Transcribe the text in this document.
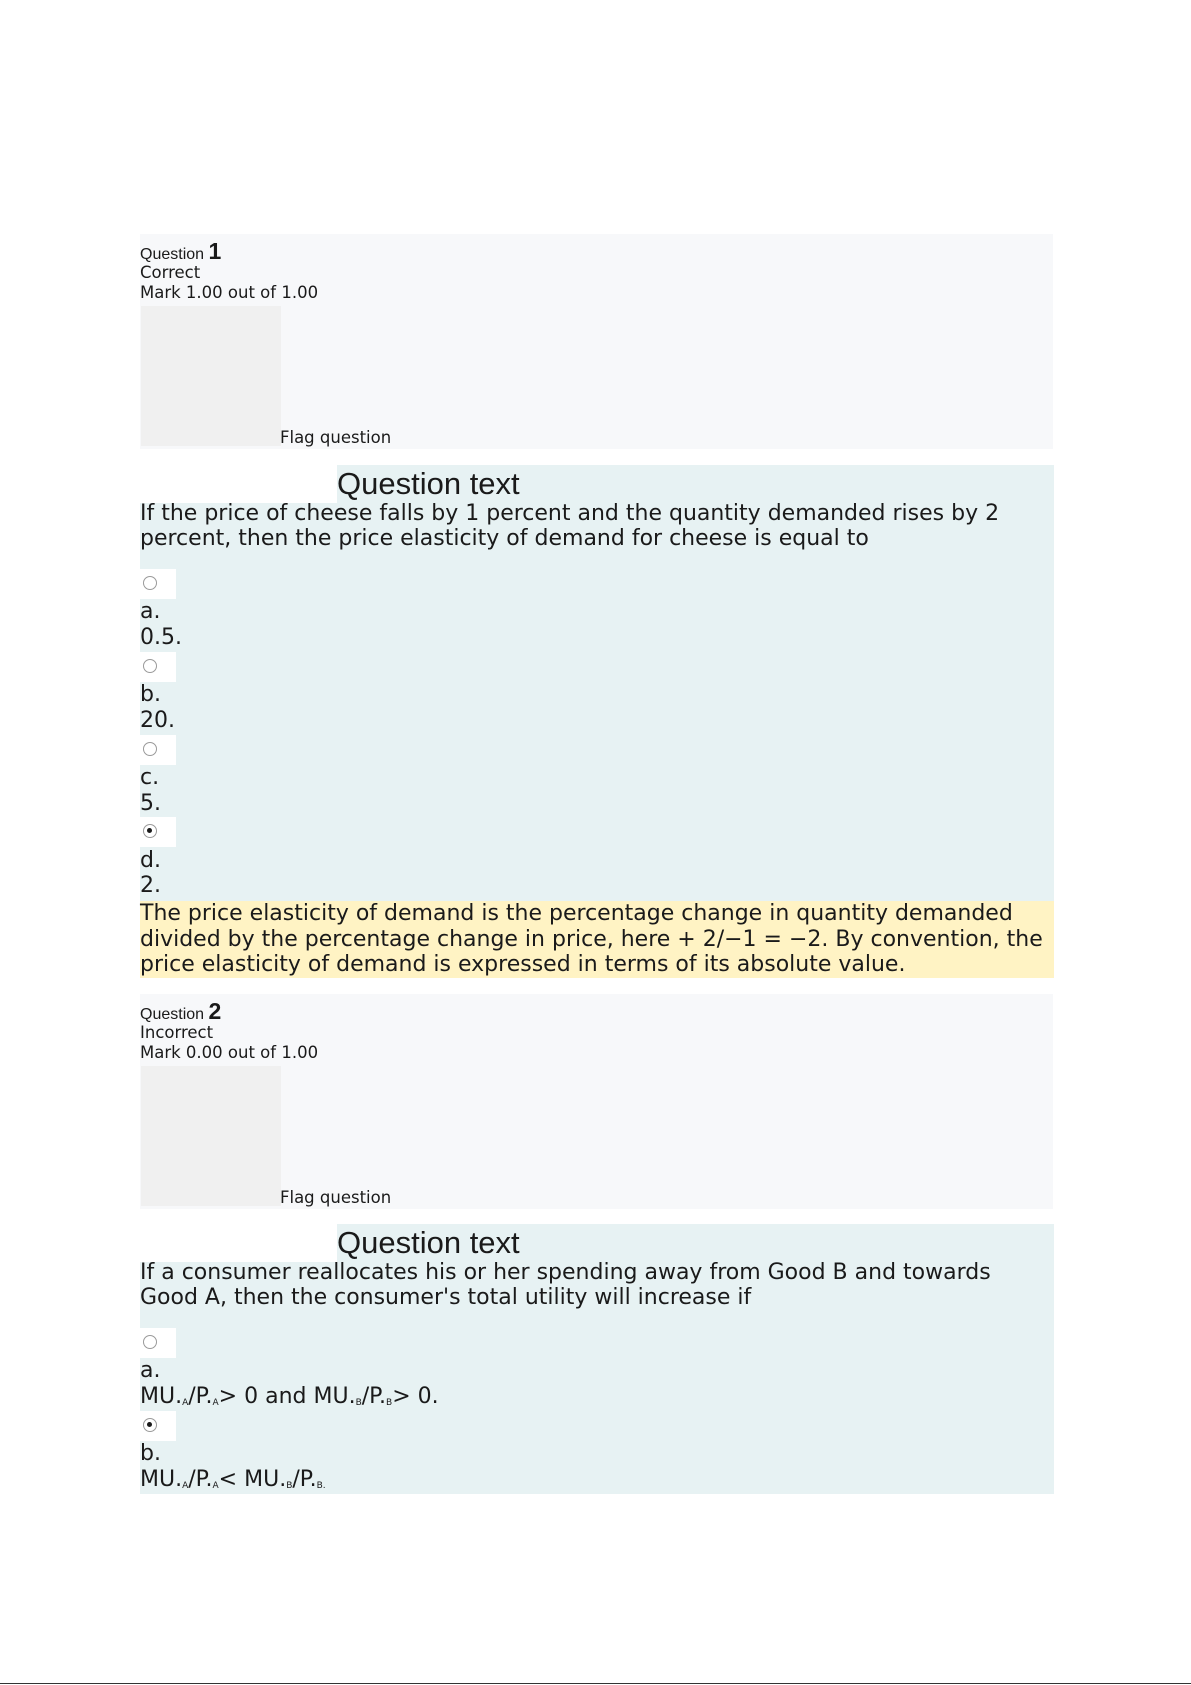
Question 1
Correct
Mark 1.00 out of 1.00
Flag question
Question text
If the price of cheese falls by 1 percent and the quantity demanded rises by 2 percent, then the price elasticity of demand for cheese is equal to
a.
0.5.
b.
20.
c.
5.
d.
2.
The price elasticity of demand is the percentage change in quantity demanded divided by the percentage change in price, here + 2/−1 = −2. By convention, the price elasticity of demand is expressed in terms of its absolute value.
Question 2
Incorrect
Mark 0.00 out of 1.00
Flag question
Question text
If a consumer reallocates his or her spending away from Good B and towards Good A, then the consumer's total utility will increase if
a.
$MU._A/P._A> 0$ and $MU._B/P._B> 0$.
b.
$MU._A/P._A< MU._B/P._{B.}$
